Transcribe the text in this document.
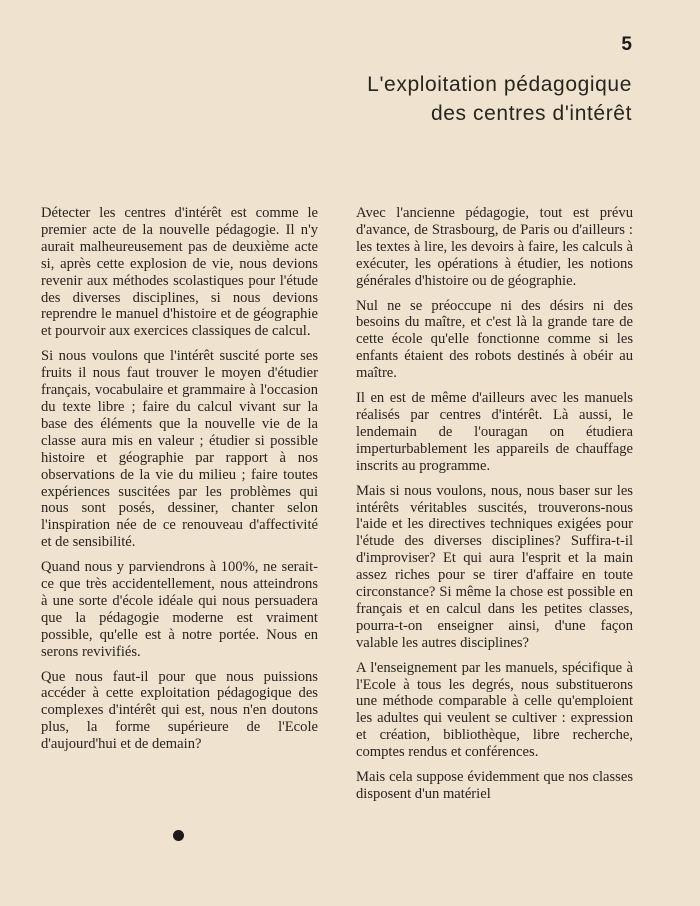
5
L'exploitation pédagogique
des centres d'intérêt

Détecter les centres d'intérêt est comme le premier acte de la nouvelle pédagogie. Il n'y aurait malheureusement pas de deuxième acte si, après cette explosion de vie, nous devions revenir aux méthodes scolastiques pour l'étude des diverses disciplines, si nous devions reprendre le manuel d'histoire et de géographie et pourvoir aux exercices classiques de calcul.

Si nous voulons que l'intérêt suscité porte ses fruits il nous faut trouver le moyen d'étudier français, vocabulaire et grammaire à l'occasion du texte libre ; faire du calcul vivant sur la base des éléments que la nouvelle vie de la classe aura mis en valeur ; étudier si possible histoire et géographie par rapport à nos observations de la vie du milieu ; faire toutes expériences suscitées par les problèmes qui nous sont posés, dessiner, chanter selon l'inspiration née de ce renouveau d'affectivité et de sensibilité.

Quand nous y parviendrons à 100%, ne serait-ce que très accidentellement, nous atteindrons à une sorte d'école idéale qui nous persuadera que la pédagogie moderne est vraiment possible, qu'elle est à notre portée. Nous en serons revivifiés.

Que nous faut-il pour que nous puissions accéder à cette exploitation pédagogique des complexes d'intérêt qui est, nous n'en doutons plus, la forme supérieure de l'Ecole d'aujourd'hui et de demain?

Avec l'ancienne pédagogie, tout est prévu d'avance, de Strasbourg, de Paris ou d'ailleurs : les textes à lire, les devoirs à faire, les calculs à exécuter, les opérations à étudier, les notions générales d'histoire ou de géographie.

Nul ne se préoccupe ni des désirs ni des besoins du maître, et c'est là la grande tare de cette école qu'elle fonctionne comme si les enfants étaient des robots destinés à obéir au maître.

Il en est de même d'ailleurs avec les manuels réalisés par centres d'intérêt. Là aussi, le lendemain de l'ouragan on étudiera imperturbablement les appareils de chauffage inscrits au programme.

Mais si nous voulons, nous, nous baser sur les intérêts véritables suscités, trouverons-nous l'aide et les directives techniques exigées pour l'étude des diverses disciplines? Suffira-t-il d'improviser? Et qui aura l'esprit et la main assez riches pour se tirer d'affaire en toute circonstance? Si même la chose est possible en français et en calcul dans les petites classes, pourra-t-on enseigner ainsi, d'une façon valable les autres disciplines?

A l'enseignement par les manuels, spécifique à l'Ecole à tous les degrés, nous substituerons une méthode comparable à celle qu'emploient les adultes qui veulent se cultiver : expression et création, bibliothèque, libre recherche, comptes rendus et conférences.

Mais cela suppose évidemment que nos classes disposent d'un matériel
